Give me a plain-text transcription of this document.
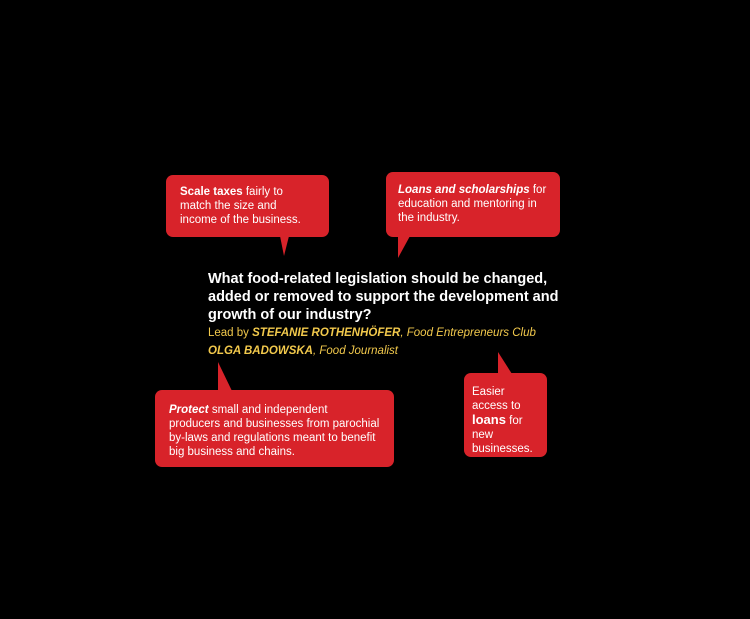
Scale taxes fairly to match the size and income of the business.
Loans and scholarships for education and mentoring in the industry.

What food-related legislation should be changed, added or removed to support the development and growth of our industry?

Lead by STEFANIE ROTHENHÖFER, Food Entrepreneurs Club
OLGA BADOWSKA, Food Journalist
Protect small and independent producers and businesses from parochial by-laws and regulations meant to benefit big business and chains.
Easier access to loans for new businesses.
